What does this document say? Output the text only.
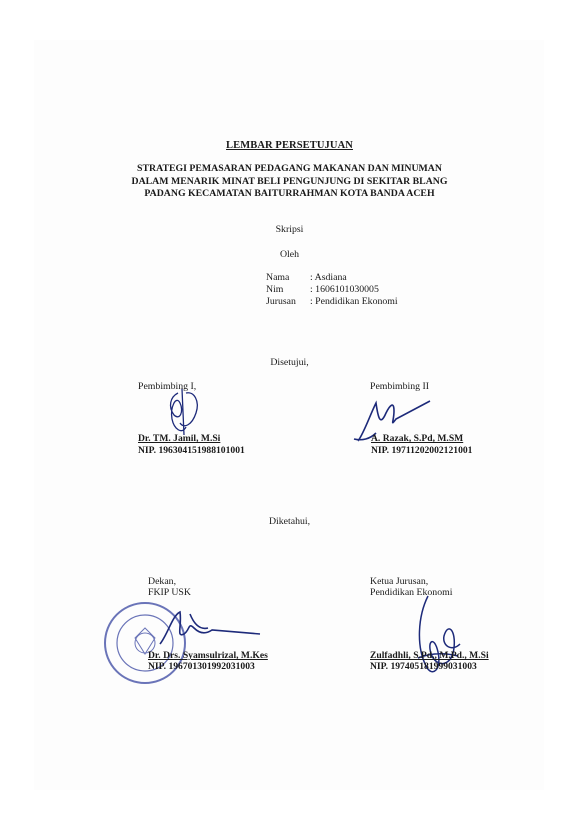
LEMBAR PERSETUJUAN
STRATEGI PEMASARAN PEDAGANG MAKANAN DAN MINUMAN
DALAM MENARIK MINAT BELI PENGUNJUNG DI SEKITAR BLANG
PADANG KECAMATAN BAITURRAHMAN KOTA BANDA ACEH
Skripsi
Oleh
Nama	: Asdiana
Nim	: 1606101030005
Jurusan	: Pendidikan Ekonomi
Disetujui,
Pembimbing I,
Dr. TM. Jamil, M.Si
NIP. 196304151988101001
Pembimbing II
A. Razak, S.Pd, M.SM
NIP. 19711202002121001
Diketahui,
Dekan,
FKIP USK
Dr. Drs. Syamsulrizal, M.Kes
NIP. 196701301992031003
Ketua Jurusan,
Pendidikan Ekonomi
Zulfadhli, S.Pd., M.Pd., M.Si
NIP. 197405181999031003
